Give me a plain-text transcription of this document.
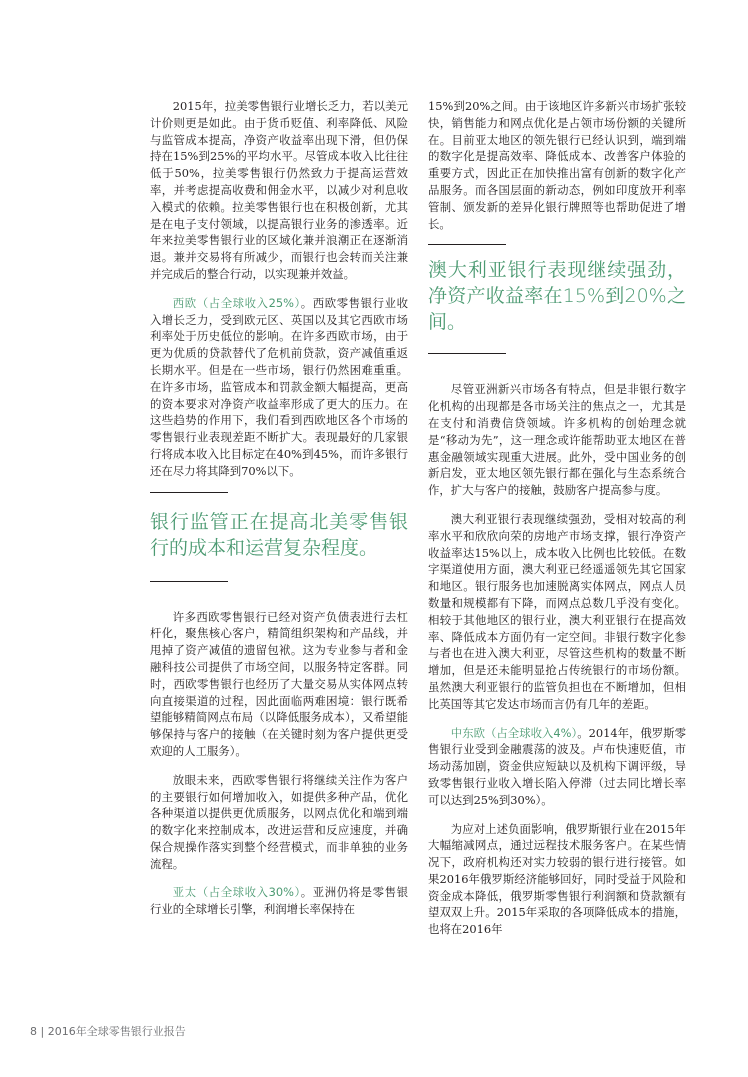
2015年，拉美零售银行业增长乏力，若以美元计价则更是如此。由于货币贬值、利率降低、风险与监管成本提高，净资产收益率出现下滑，但仍保持在15%到25%的平均水平。尽管成本收入比往往低于50%，拉美零售银行仍然致力于提高运营效率，并考虑提高收费和佣金水平，以减少对利息收入模式的依赖。拉美零售银行也在积极创新，尤其是在电子支付领域，以提高银行业务的渗透率。近年来拉美零售银行业的区域化兼并浪潮正在逐渐消退。兼并交易将有所减少，而银行也会转而关注兼并完成后的整合行动，以实现兼并效益。

西欧（占全球收入25%）。西欧零售银行业收入增长乏力，受到欧元区、英国以及其它西欧市场利率处于历史低位的影响。在许多西欧市场，由于更为优质的贷款替代了危机前贷款，资产减值重返长期水平。但是在一些市场，银行仍然困难重重。在许多市场，监管成本和罚款金额大幅提高，更高的资本要求对净资产收益率形成了更大的压力。在这些趋势的作用下，我们看到西欧地区各个市场的零售银行业表现差距不断扩大。表现最好的几家银行将成本收入比目标定在40%到45%，而许多银行还在尽力将其降到70%以下。

银行监管正在提高北美零售银行的成本和运营复杂程度。

许多西欧零售银行已经对资产负债表进行去杠杆化，聚焦核心客户，精简组织架构和产品线，并甩掉了资产减值的遗留包袱。这为专业参与者和金融科技公司提供了市场空间，以服务特定客群。同时，西欧零售银行也经历了大量交易从实体网点转向直接渠道的过程，因此面临两难困境：银行既希望能够精简网点布局（以降低服务成本），又希望能够保持与客户的接触（在关键时刻为客户提供更受欢迎的人工服务）。

放眼未来，西欧零售银行将继续关注作为客户的主要银行如何增加收入，如提供多种产品，优化各种渠道以提供更优质服务，以网点优化和端到端的数字化来控制成本，改进运营和反应速度，并确保合规操作落实到整个经营模式，而非单独的业务流程。

亚太（占全球收入30%）。亚洲仍将是零售银行业的全球增长引擎，利润增长率保持在

15%到20%之间。由于该地区许多新兴市场扩张较快，销售能力和网点优化是占领市场份额的关键所在。目前亚太地区的领先银行已经认识到，端到端的数字化是提高效率、降低成本、改善客户体验的重要方式，因此正在加快推出富有创新的数字化产品服务。而各国层面的新动态，例如印度放开利率管制、颁发新的差异化银行牌照等也帮助促进了增长。

澳大利亚银行表现继续强劲，净资产收益率在15%到20%之间。

尽管亚洲新兴市场各有特点，但是非银行数字化机构的出现都是各市场关注的焦点之一，尤其是在支付和消费信贷领域。许多机构的创始理念就是“移动为先”，这一理念或许能帮助亚太地区在普惠金融领域实现重大进展。此外，受中国业务的创新启发，亚太地区领先银行都在强化与生态系统合作，扩大与客户的接触，鼓励客户提高参与度。

澳大利亚银行表现继续强劲，受相对较高的利率水平和欣欣向荣的房地产市场支撑，银行净资产收益率达15%以上，成本收入比例也比较低。在数字渠道使用方面，澳大利亚已经遥遥领先其它国家和地区。银行服务也加速脱离实体网点，网点人员数量和规模都有下降，而网点总数几乎没有变化。相较于其他地区的银行业，澳大利亚银行在提高效率、降低成本方面仍有一定空间。非银行数字化参与者也在进入澳大利亚，尽管这些机构的数量不断增加，但是还未能明显抢占传统银行的市场份额。虽然澳大利亚银行的监管负担也在不断增加，但相比英国等其它发达市场而言仍有几年的差距。

中东欧（占全球收入4%）。2014年，俄罗斯零售银行业受到金融震荡的波及。卢布快速贬值，市场动荡加剧，资金供应短缺以及机构下调评级，导致零售银行业收入增长陷入停滞（过去同比增长率可以达到25%到30%）。

为应对上述负面影响，俄罗斯银行业在2015年大幅缩减网点，通过远程技术服务客户。在某些情况下，政府机构还对实力较弱的银行进行接管。如果2016年俄罗斯经济能够回好，同时受益于风险和资金成本降低，俄罗斯零售银行利润额和贷款额有望双双上升。2015年采取的各项降低成本的措施，也将在2016年

8 | 2016年全球零售银行业报告
